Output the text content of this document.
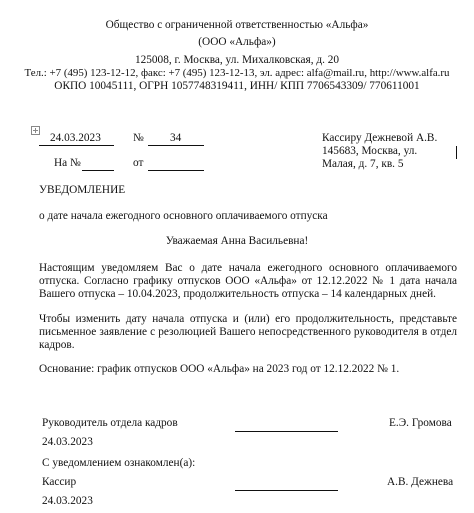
Общество с ограниченной ответственностью «Альфа»
(ООО «Альфа»)
125008, г. Москва, ул. Михалковская, д. 20
Тел.: +7 (495) 123-12-12, факс: +7 (495) 123-12-13, эл. адрес: alfa@mail.ru, http://www.alfa.ru
ОКПО 10045111, ОГРН 1057748319411, ИНН/ КПП 7706543309/ 770611001
24.03.2023	№ 34
На №	от
Кассиру Дежневой А.В.
145683, Москва, ул.
Малая, д. 7, кв. 5
УВЕДОМЛЕНИЕ
о дате начала ежегодного основного оплачиваемого отпуска
Уважаемая Анна Васильевна!
Настоящим уведомляем Вас о дате начала ежегодного основного оплачиваемого
отпуска. Согласно графику отпусков ООО «Альфа» от 12.12.2022 № 1 дата начала
Вашего отпуска – 10.04.2023, продолжительность отпуска – 14 календарных дней.
Чтобы изменить дату начала отпуска и (или) его продолжительность, представьте
письменное заявление с резолюцией Вашего непосредственного руководителя в отдел
кадров.
Основание: график отпусков ООО «Альфа» на 2023 год от 12.12.2022 № 1.
Руководитель отдела кадров	Е.Э. Громова
24.03.2023
С уведомлением ознакомлен(а):
Кассир	А.В. Дежнева
24.03.2023
